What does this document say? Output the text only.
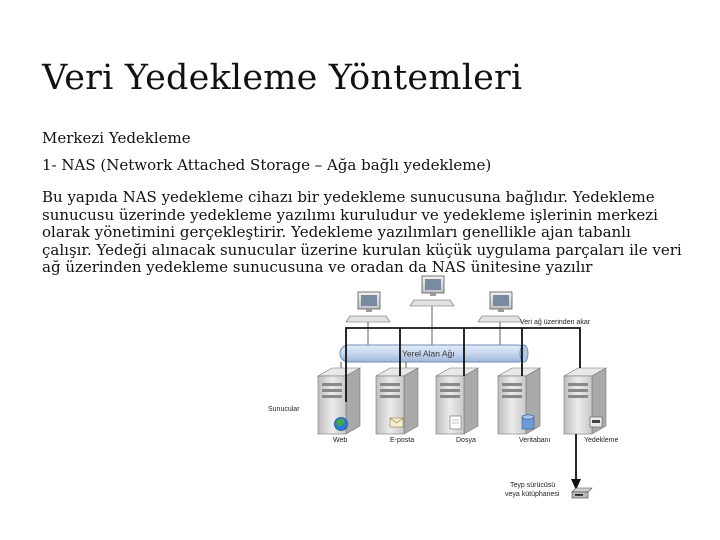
Veri Yedekleme Yöntemleri
Merkezi Yedekleme
1- NAS (Network Attached Storage – Ağa bağlı yedekleme)
Bu yapıda NAS yedekleme cihazı bir yedekleme sunucusuna bağlıdır. Yedekleme sunucusu üzerinde yedekleme yazılımı kuruludur ve yedekleme işlerinin merkezi olarak yönetimini gerçekleştirir. Yedekleme yazılımları genellikle ajan tabanlı çalışır. Yedeği alınacak sunucular üzerine kurulan küçük uygulama parçaları ile veri ağ üzerinden yedekleme sunucusuna ve oradan da NAS ünitesine yazılır
Yerel Alan Ağı
Veri ağ üzerinden akar
Sunucular
Web	E-posta	Dosya	Veritabanı	Yedekleme
Teyp sürücüsü
veya kütüphanesi
